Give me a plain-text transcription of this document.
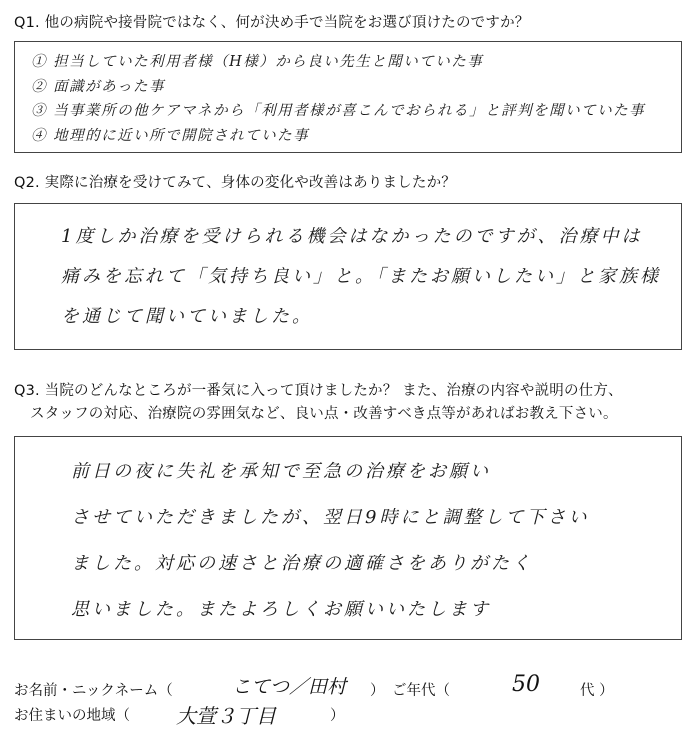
Q1. 他の病院や接骨院ではなく、何が決め手で当院をお選び頂けたのですか？
① 担当していた利用者様（H様）から良い先生と聞いていた事
② 面識があった事
③ 当事業所の他ケアマネから「利用者様が喜こんでおられる」と評判を聞いていた事
④ 地理的に近い所で開院されていた事
Q2. 実際に治療を受けてみて、身体の変化や改善はありましたか？
1度しか治療を受けられる機会はなかったのですが、治療中は
痛みを忘れて「気持ち良い」と。「またお願いしたい」と家族様
を通じて聞いていました。
Q3. 当院のどんなところが一番気に入って頂けましたか？ また、治療の内容や説明の仕方、
スタッフの対応、治療院の雰囲気など、良い点・改善すべき点等があればお教え下さい。
前日の夜に失礼を承知で至急の治療をお願い
させていただきましたが、翌日9時にと調整して下さい
ました。対応の速さと治療の適確さをありがたく
思いました。またよろしくお願いいたします
お名前・ニックネーム（	こてつ／田村 ） ご年代（	50	代 ）
お住まいの地域（ 大萱３丁目	）
